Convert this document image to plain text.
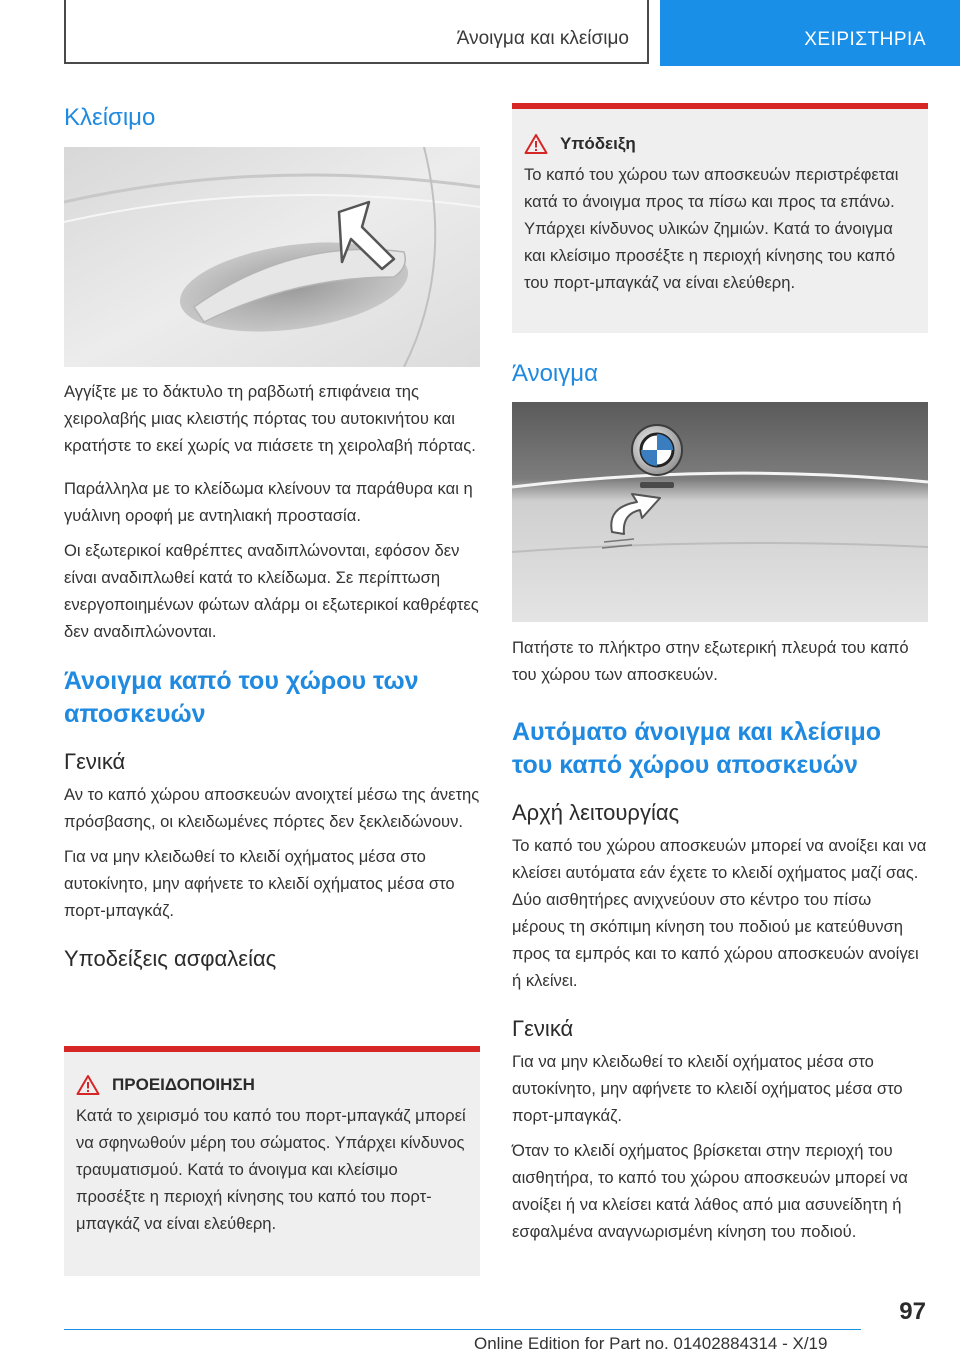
Άνοιγμα και κλείσιμο	ΧΕΙΡΙΣΤΗΡΙΑ
Κλείσιμο

Αγγίξτε με το δάκτυλο τη ραβδωτή επιφάνεια της χειρολαβής μιας κλειστής πόρτας του αυτοκινήτου και κρατήστε το εκεί χωρίς να πιάσετε τη χειρολαβή πόρτας.

Παράλληλα με το κλείδωμα κλείνουν τα παράθυρα και η γυάλινη οροφή με αντηλιακή προστασία.

Οι εξωτερικοί καθρέπτες αναδιπλώνονται, εφόσον δεν είναι αναδιπλωθεί κατά το κλείδωμα. Σε περίπτωση ενεργοποιημένων φώτων αλάρμ οι εξωτερικοί καθρέφτες δεν αναδιπλώνονται.

Άνοιγμα καπό του χώρου των αποσκευών
Γενικά

Αν το καπό χώρου αποσκευών ανοιχτεί μέσω της άνετης πρόσβασης, οι κλειδωμένες πόρτες δεν ξεκλειδώνουν.

Για να μην κλειδωθεί το κλειδί οχήματος μέσα στο αυτοκίνητο, μην αφήνετε το κλειδί οχήματος μέσα στο πορτ-μπαγκάζ.

Υποδείξεις ασφαλείας
ΠΡΟΕΙΔΟΠΟΙΗΣΗ

Κατά το χειρισμό του καπό του πορτ-μπαγκάζ μπορεί να σφηνωθούν μέρη του σώματος. Υπάρχει κίνδυνος τραυματισμού. Κατά το άνοιγμα και κλείσιμο προσέξτε η περιοχή κίνησης του καπό του πορτ-μπαγκάζ να είναι ελεύθερη.

Υπόδειξη

Το καπό του χώρου των αποσκευών περιστρέφεται κατά το άνοιγμα προς τα πίσω και προς τα επάνω. Υπάρχει κίνδυνος υλικών ζημιών. Κατά το άνοιγμα και κλείσιμο προσέξτε η περιοχή κίνησης του καπό του πορτ-μπαγκάζ να είναι ελεύθερη.

Άνοιγμα

Πατήστε το πλήκτρο στην εξωτερική πλευρά του καπό του χώρου των αποσκευών.

Αυτόματο άνοιγμα και κλείσιμο του καπό χώρου αποσκευών
Αρχή λειτουργίας

Το καπό του χώρου αποσκευών μπορεί να ανοίξει και να κλείσει αυτόματα εάν έχετε το κλειδί οχήματος μαζί σας. Δύο αισθητήρες ανιχνεύουν στο κέντρο του πίσω μέρους τη σκόπιμη κίνηση του ποδιού με κατεύθυνση προς τα εμπρός και το καπό χώρου αποσκευών ανοίγει ή κλείνει.

Γενικά

Για να μην κλειδωθεί το κλειδί οχήματος μέσα στο αυτοκίνητο, μην αφήνετε το κλειδί οχήματος μέσα στο πορτ-μπαγκάζ.

Όταν το κλειδί οχήματος βρίσκεται στην περιοχή του αισθητήρα, το καπό του χώρου αποσκευών μπορεί να ανοίξει ή να κλείσει κατά λάθος από μια ασυνείδητη ή εσφαλμένα αναγνωρισμένη κίνηση του ποδιού.

97
Online Edition for Part no. 01402884314 - X/19
